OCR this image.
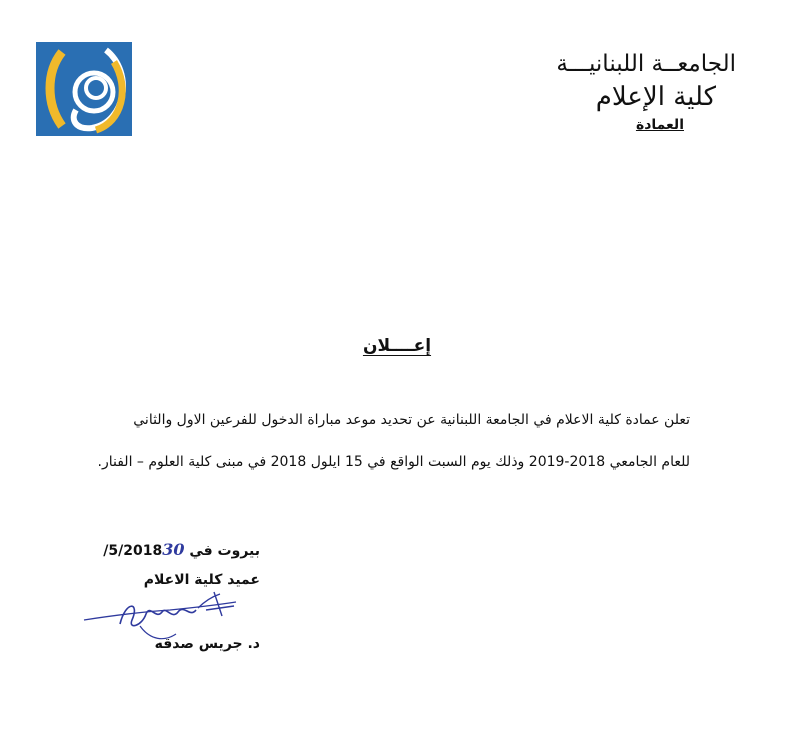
الجامعــة اللبنانيـــة
كلية الإعلام
العمادة
إعــــلان
تعلن عمادة كلية الاعلام في الجامعة اللبنانية عن تحديد موعد مباراة الدخول للفرعين الاول والثاني
للعام الجامعي 2018-2019 وذلك يوم السبت الواقع في 15 ايلول 2018 في مبنى كلية العلوم – الفنار.
بيروت في 30/5/2018
عميد كلية الاعلام
د. جريس صدقه
